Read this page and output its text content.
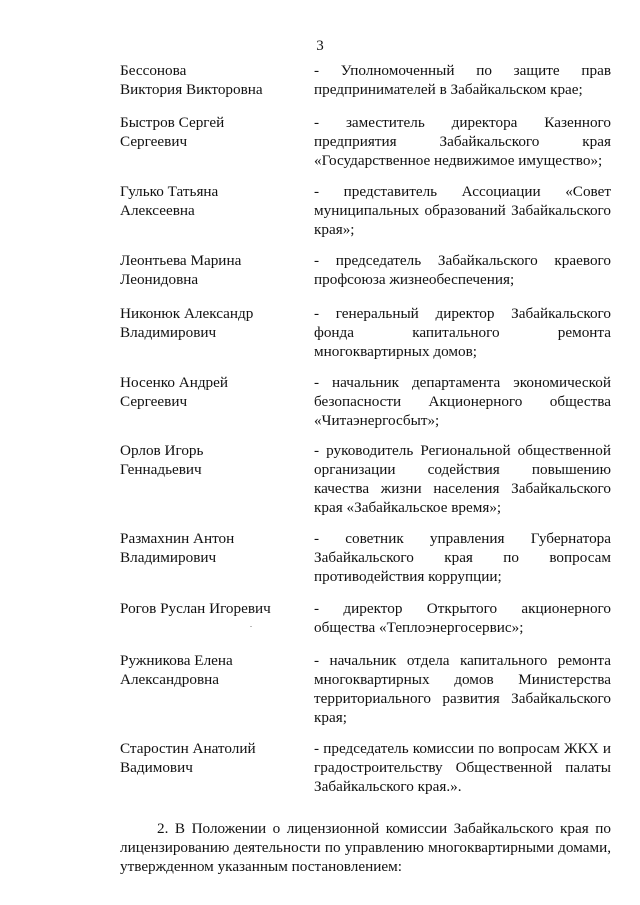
3
Бессонова
Виктория Викторовна
- Уполномоченный по защите прав
предпринимателей в Забайкальском крае;
Быстров Сергей
Сергеевич
- заместитель директора Казенного
предприятия Забайкальского края
«Государственное недвижимое имущество»;
Гулько Татьяна
Алексеевна
- представитель Ассоциации «Совет
муниципальных образований Забайкальского
края»;
Леонтьева Марина
Леонидовна
- председатель Забайкальского краевого
профсоюза жизнеобеспечения;
Никонюк Александр
Владимирович
- генеральный директор Забайкальского
фонда капитального ремонта
многоквартирных домов;
Носенко Андрей
Сергеевич
- начальник департамента экономической
безопасности Акционерного общества
«Читаэнергосбыт»;
Орлов Игорь
Геннадьевич
- руководитель Региональной общественной
организации содействия повышению
качества жизни населения Забайкальского
края «Забайкальское время»;
Размахнин Антон
Владимирович
- советник управления Губернатора
Забайкальского края по вопросам
противодействия коррупции;
Рогов Руслан Игоревич	- директор Открытого акционерного
общества «Теплоэнергосервис»;
Ружникова Елена
Александровна
- начальник отдела капитального ремонта
многоквартирных домов Министерства
территориального развития Забайкальского
края;
Старостин Анатолий
Вадимович
- председатель комиссии по вопросам ЖКХ и
градостроительству Общественной палаты
Забайкальского края.».
2. В Положении о лицензионной комиссии Забайкальского края по
лицензированию деятельности по управлению многоквартирными домами,
утвержденном указанным постановлением:
